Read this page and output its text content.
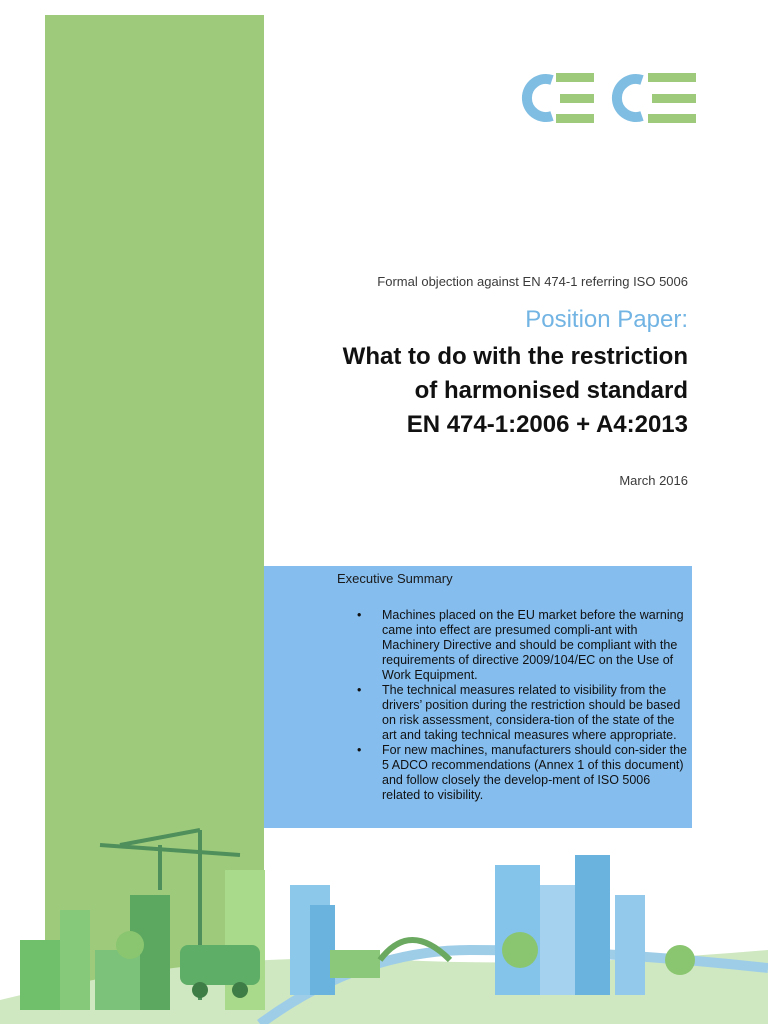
Formal objection against EN 474-1 referring ISO 5006
Position Paper:
What to do with the restriction
of harmonised standard
EN 474-1:2006 + A4:2013
March 2016
Executive Summary
• Machines placed on the EU market before the warning came into effect are presumed compli-ant with Machinery Directive and should be compliant with the requirements of directive 2009/104/EC on the Use of Work Equipment.
• The technical measures related to visibility from the drivers’ position during the restriction should be based on risk assessment, considera-tion of the state of the art and taking technical measures where appropriate.
• For new machines, manufacturers should con-sider the 5 ADCO recommendations (Annex 1 of this document) and follow closely the develop-ment of ISO 5006 related to visibility.
